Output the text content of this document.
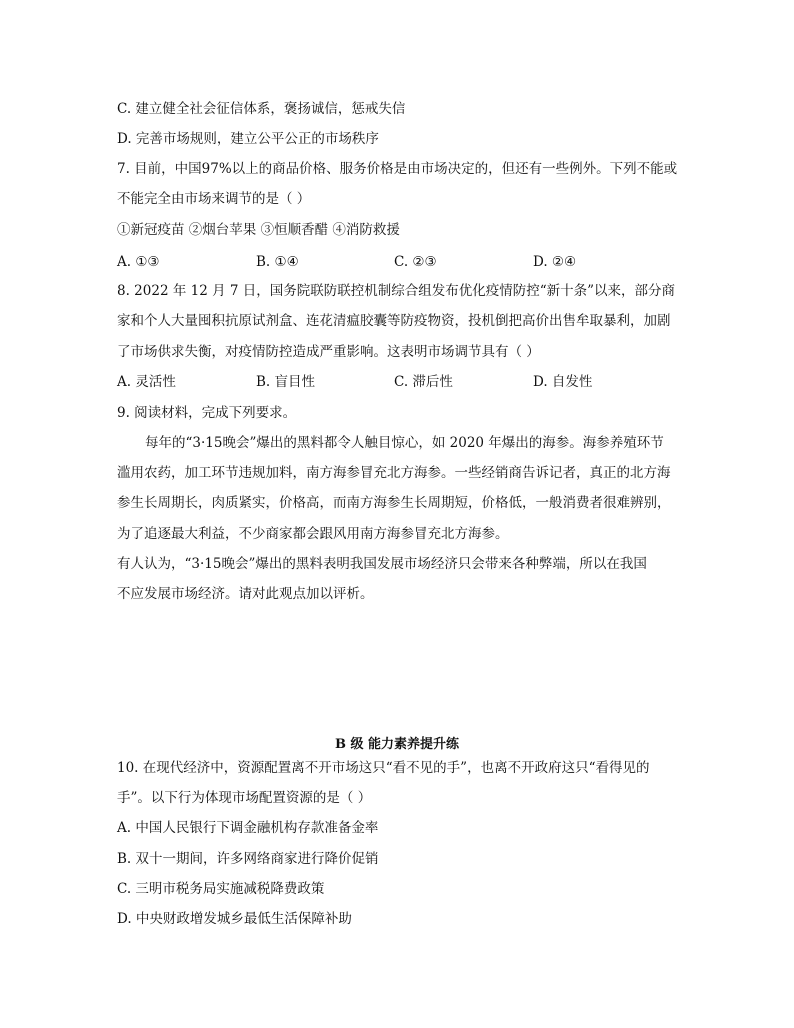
C. 建立健全社会征信体系，褒扬诚信，惩戒失信
D. 完善市场规则，建立公平公正的市场秩序
7. 目前，中国97%以上的商品价格、服务价格是由市场决定的，但还有一些例外。下列不能或
不能完全由市场来调节的是（ ）
①新冠疫苗 ②烟台苹果 ③恒顺香醋 ④消防救援
A. ①③	B. ①④	C. ②③	D. ②④
8. 2022 年 12 月 7 日，国务院联防联控机制综合组发布优化疫情防控“新十条”以来，部分商
家和个人大量囤积抗原试剂盒、连花清瘟胶囊等防疫物资，投机倒把高价出售牟取暴利，加剧
了市场供求失衡，对疫情防控造成严重影响。这表明市场调节具有（ ）
A. 灵活性	B. 盲目性	C. 滞后性	D. 自发性
9. 阅读材料，完成下列要求。
每年的“3·15晚会”爆出的黑料都令人触目惊心，如 2020 年爆出的海参。海参养殖环节
滥用农药，加工环节违规加料，南方海参冒充北方海参。一些经销商告诉记者，真正的北方海
参生长周期长，肉质紧实，价格高，而南方海参生长周期短，价格低，一般消费者很难辨别，
为了追逐最大利益，不少商家都会跟风用南方海参冒充北方海参。
有人认为，“3·15晚会”爆出的黑料表明我国发展市场经济只会带来各种弊端，所以在我国
不应发展市场经济。请对此观点加以评析。
B 级 能力素养提升练
10. 在现代经济中，资源配置离不开市场这只“看不见的手”，也离不开政府这只“看得见的
手”。以下行为体现市场配置资源的是（ ）
A. 中国人民银行下调金融机构存款准备金率
B. 双十一期间，许多网络商家进行降价促销
C. 三明市税务局实施减税降费政策
D. 中央财政增发城乡最低生活保障补助
